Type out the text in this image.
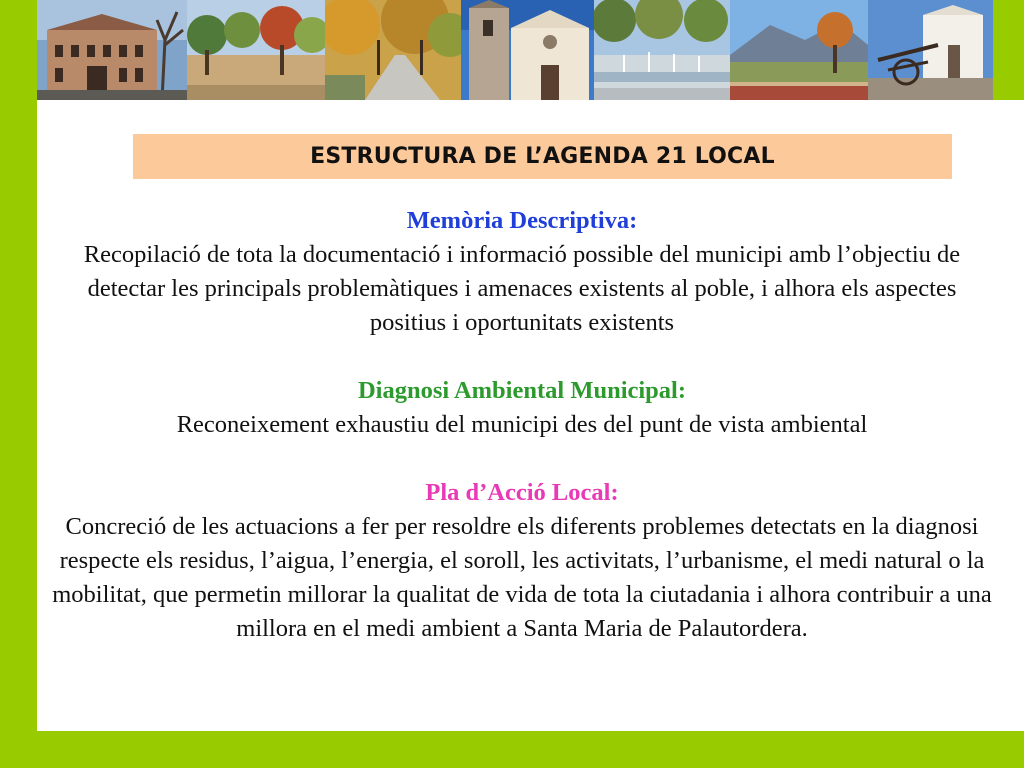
ESTRUCTURA DE L’AGENDA 21 LOCAL
Memòria Descriptiva:
Recopilació de tota la documentació i informació possible del municipi amb l’objectiu de detectar les principals problemàtiques i amenaces existents al poble, i alhora els aspectes positius i oportunitats existents
Diagnosi Ambiental Municipal:
Reconeixement exhaustiu del municipi des del punt de vista ambiental
Pla d’Acció Local:
Concreció de les actuacions a fer per resoldre els diferents problemes detectats en la diagnosi respecte els residus, l’aigua, l’energia, el soroll, les activitats, l’urbanisme, el medi natural o la mobilitat, que permetin millorar la qualitat de vida de tota la ciutadania i alhora contribuir a una millora en el medi ambient a Santa Maria de Palautordera.
